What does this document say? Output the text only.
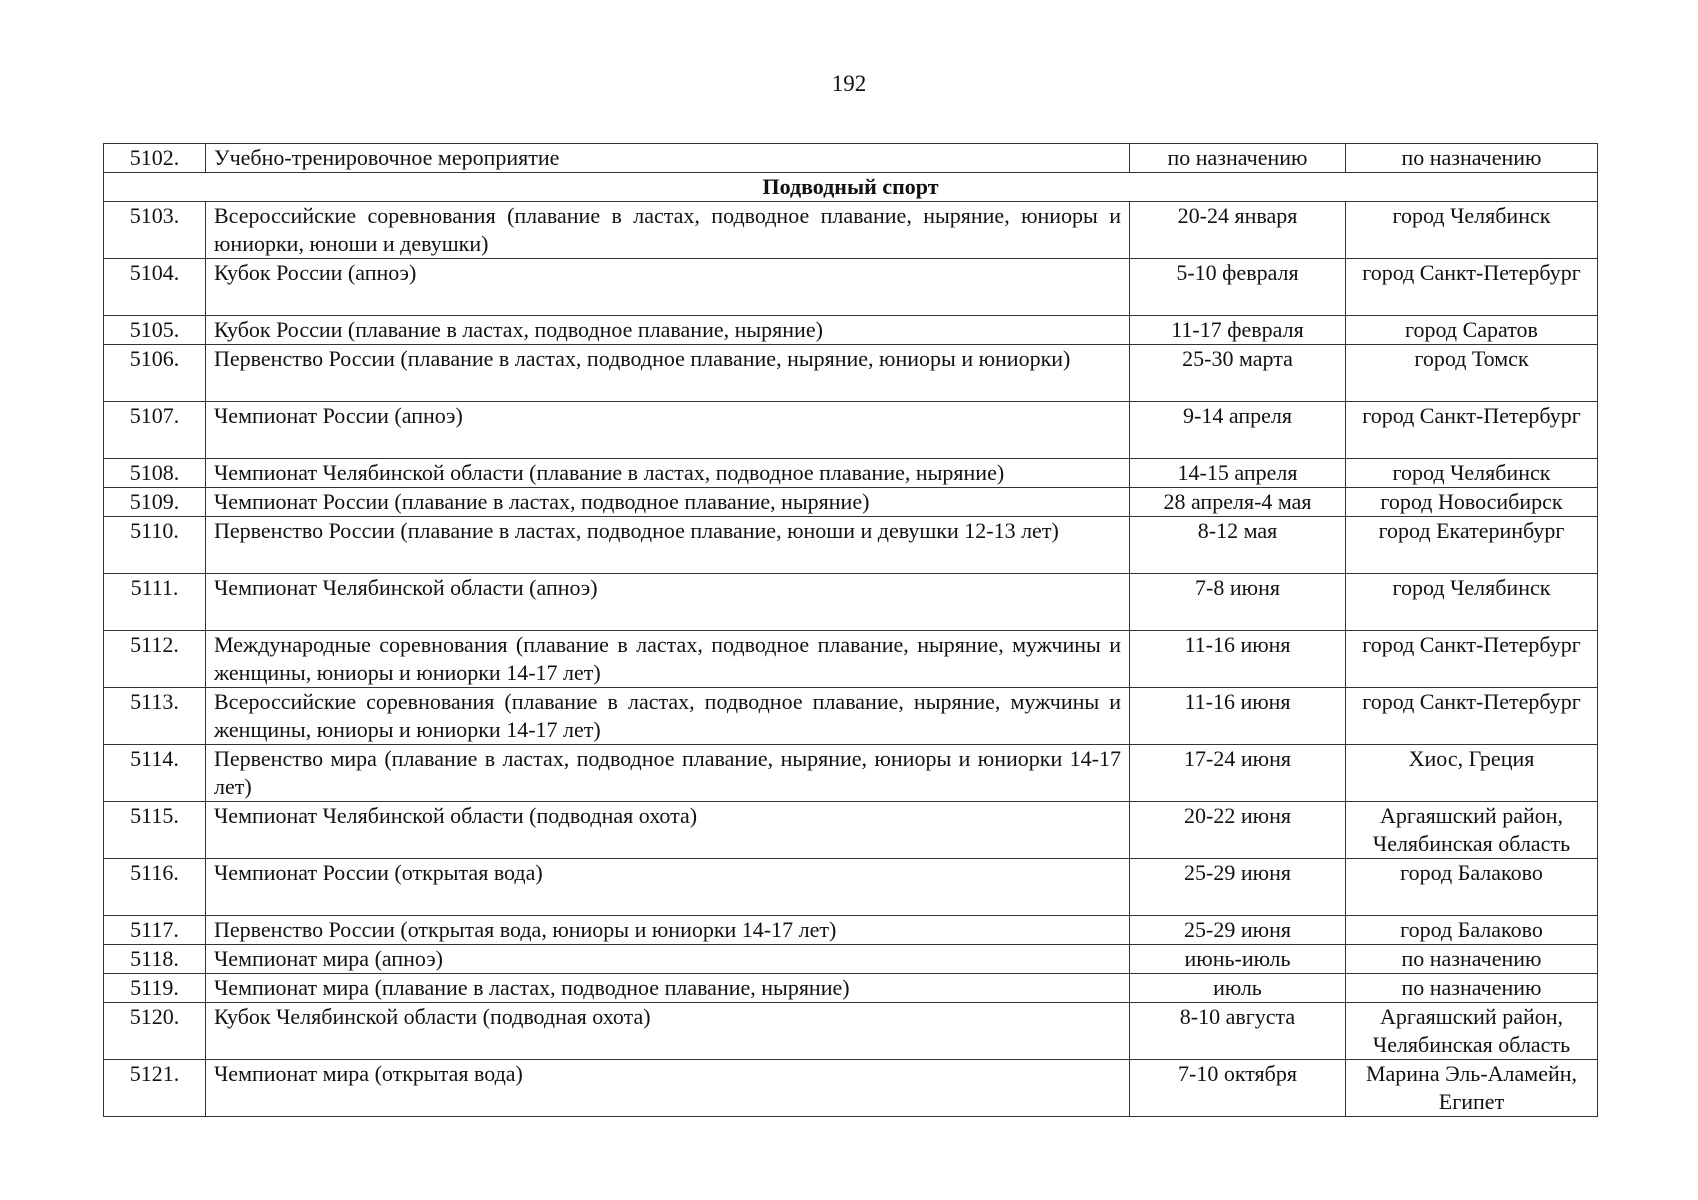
192
5102.	Учебно-тренировочное мероприятие	по назначению	по назначению
Подводный спорт			
5103.	Всероссийские соревнования (плавание в ластах, подводное плавание, ныряние, юниоры и юниорки, юноши и девушки)	20-24 января	город Челябинск
5104.	Кубок России (апноэ)	5-10 февраля	город Санкт-Петербург
5105.	Кубок России (плавание в ластах, подводное плавание, ныряние)	11-17 февраля	город Саратов
5106.	Первенство России (плавание в ластах, подводное плавание, ныряние, юниоры и юниорки)	25-30 марта	город Томск
5107.	Чемпионат России (апноэ)	9-14 апреля	город Санкт-Петербург
5108.	Чемпионат Челябинской области (плавание в ластах, подводное плавание, ныряние)	14-15 апреля	город Челябинск
5109.	Чемпионат России (плавание в ластах, подводное плавание, ныряние)	28 апреля-4 мая	город Новосибирск
5110.	Первенство России (плавание в ластах, подводное плавание, юноши и девушки 12-13 лет)	8-12 мая	город Екатеринбург
5111.	Чемпионат Челябинской области (апноэ)	7-8 июня	город Челябинск
5112.	Международные соревнования (плавание в ластах, подводное плавание, ныряние, мужчины и женщины, юниоры и юниорки 14-17 лет)	11-16 июня	город Санкт-Петербург
5113.	Всероссийские соревнования (плавание в ластах, подводное плавание, ныряние, мужчины и женщины, юниоры и юниорки 14-17 лет)	11-16 июня	город Санкт-Петербург
5114.	Первенство мира (плавание в ластах, подводное плавание, ныряние, юниоры и юниорки 14-17 лет)	17-24 июня	Хиос, Греция
5115.	Чемпионат Челябинской области (подводная охота)	20-22 июня	Аргаяшский район, Челябинская область
5116.	Чемпионат России (открытая вода)	25-29 июня	город Балаково
5117.	Первенство России (открытая вода, юниоры и юниорки 14-17 лет)	25-29 июня	город Балаково
5118.	Чемпионат мира (апноэ)	июнь-июль	по назначению
5119.	Чемпионат мира (плавание в ластах, подводное плавание, ныряние)	июль	по назначению
5120.	Кубок Челябинской области (подводная охота)	8-10 августа	Аргаяшский район, Челябинская область
5121.	Чемпионат мира (открытая вода)	7-10 октября	Марина Эль-Аламейн, Египет
